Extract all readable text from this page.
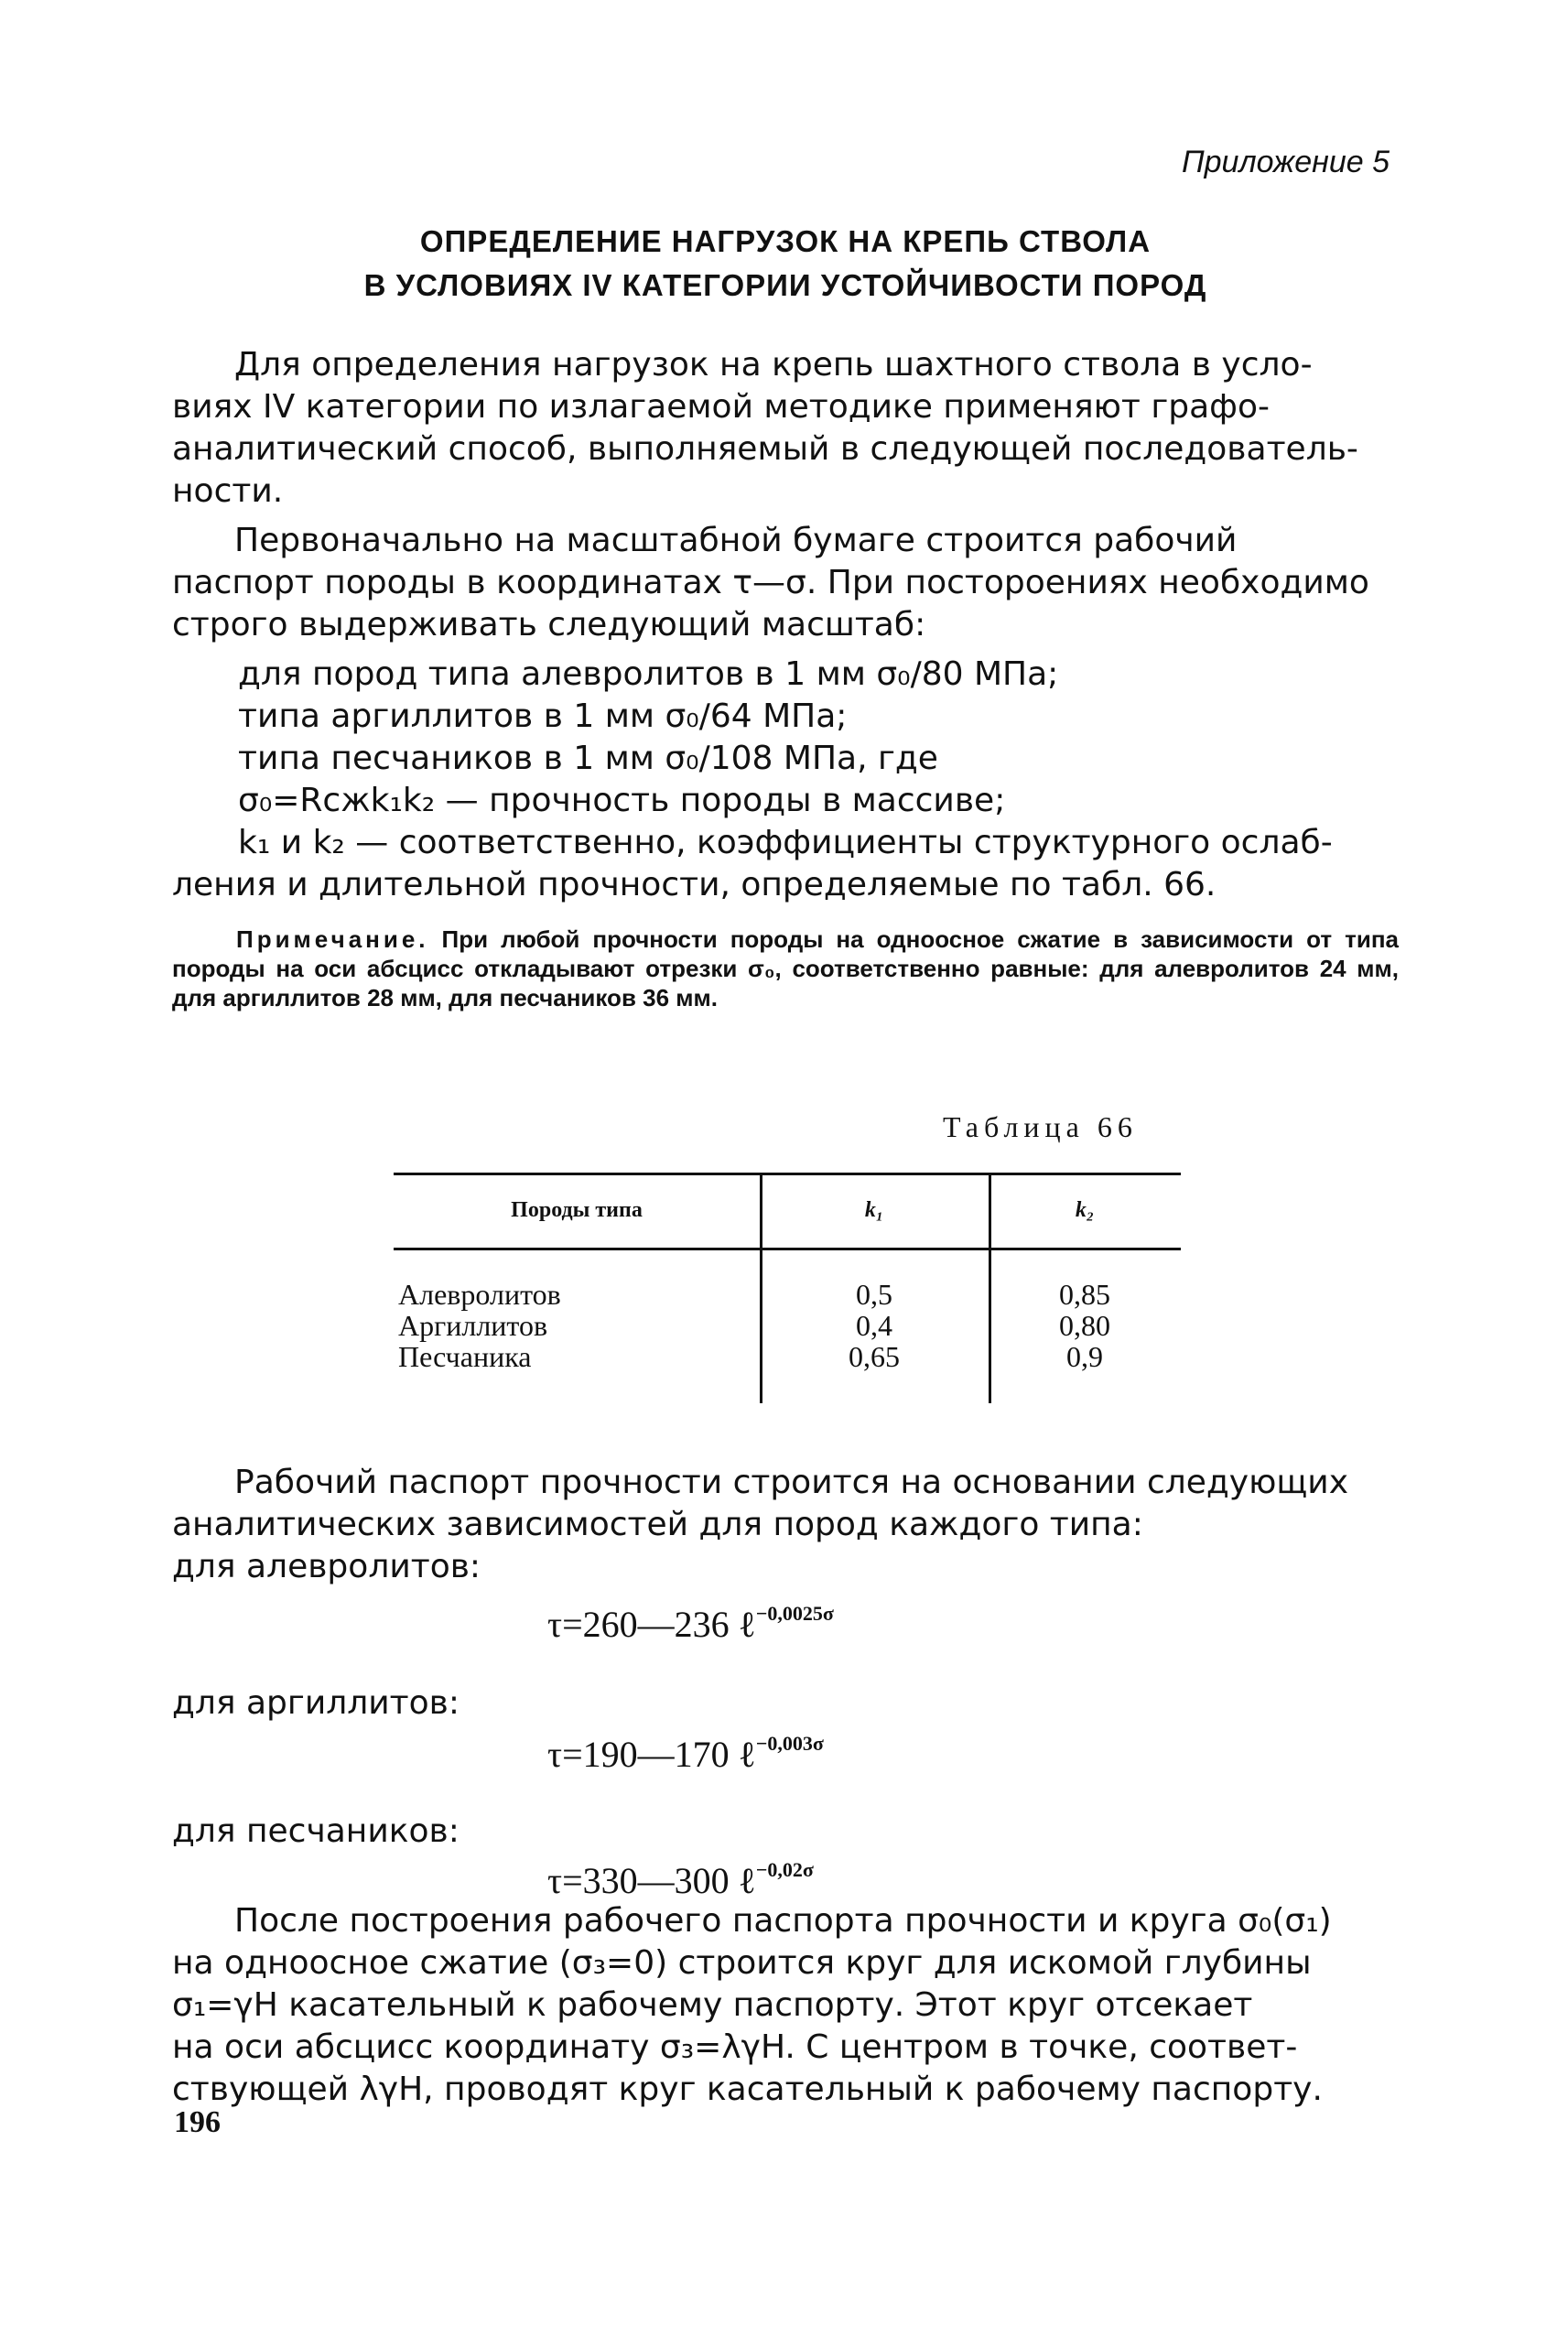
Приложение 5
ОПРЕДЕЛЕНИЕ НАГРУЗОК НА КРЕПЬ СТВОЛА
В УСЛОВИЯХ IV КАТЕГОРИИ УСТОЙЧИВОСТИ ПОРОД
Для определения нагрузок на крепь шахтного ствола в усло-
виях IV категории по излагаемой методике применяют графо-
аналитический способ, выполняемый в следующей последователь-
ности.
Первоначально на масштабной бумаге строится рабочий
паспорт породы в координатах τ—σ. При постороениях необходимо
строго выдерживать следующий масштаб:
для пород типа алевролитов в 1 мм σ₀/80 МПа;
типа аргиллитов в 1 мм σ₀/64 МПа;
типа песчаников в 1 мм σ₀/108 МПа, где
σ₀=Rсжk₁k₂ — прочность породы в массиве;
k₁ и k₂ — соответственно, коэффициенты структурного ослаб-
ления и длительной прочности, определяемые по табл. 66.
Примечание. При любой прочности породы на одноосное сжатие в зависимости от типа породы на оси абсцисс откладывают отрезки σ₀, соответственно равные: для алевролитов 24 мм, для аргиллитов 28 мм, для песчаников 36 мм.
Таблица 66
Породы типа	k₁	k₂
Алевролитов	0,5	0,85
Аргиллитов	0,4	0,80
Песчаника	0,65	0,9
Рабочий паспорт прочности строится на основании следующих
аналитических зависимостей для пород каждого типа:
для алевролитов:
τ=260—236 ℓ$^{-0,0025\sigma}$
для аргиллитов:
τ=190—170 ℓ$^{-0,003\sigma}$
для песчаников:
τ=330—300 ℓ$^{-0,02\sigma}$
После построения рабочего паспорта прочности и круга σ₀(σ₁)
на одноосное сжатие (σ₃=0) строится круг для искомой глубины
σ₁=γH касательный к рабочему паспорту. Этот круг отсекает
на оси абсцисс координату σ₃=λγH. С центром в точке, соответ-
ствующей λγH, проводят круг касательный к рабочему паспорту.
196
